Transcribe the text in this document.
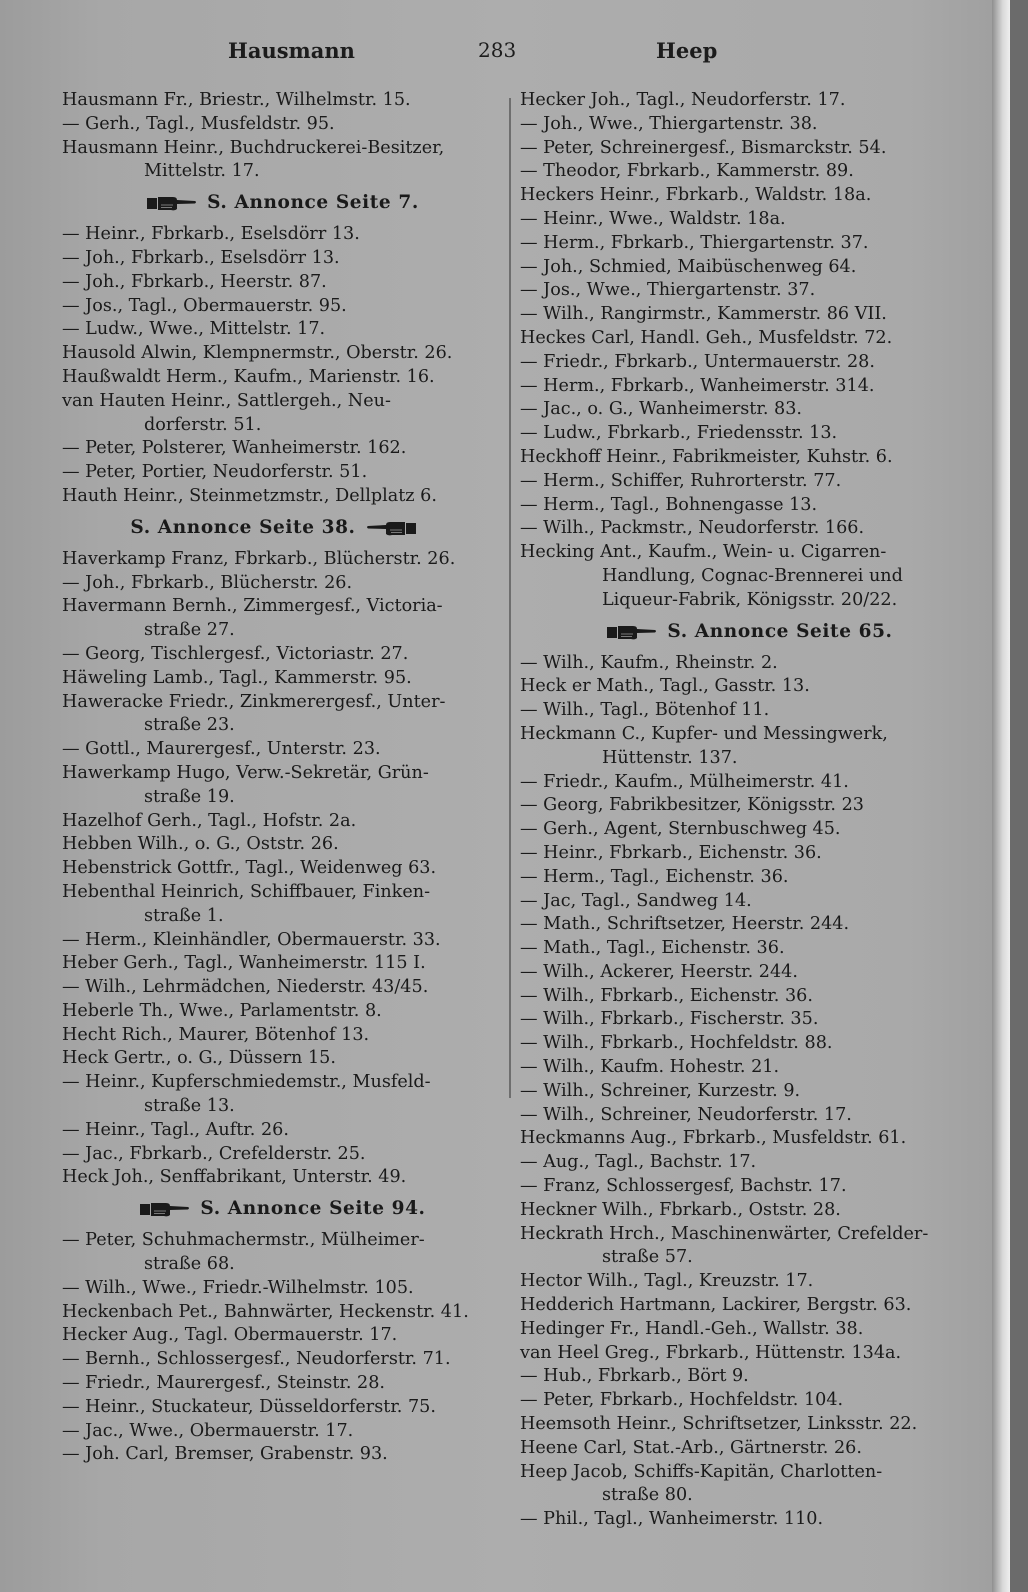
Hausmann	283	Heep
Hausmann Fr., Briestr., Wilhelmstr. 15.
— Gerh., Tagl., Musfeldstr. 95.
Hausmann Heinr., Buchdruckerei-Besitzer,
Mittelstr. 17.
S. Annonce Seite 7.
— Heinr., Fbrkarb., Eselsdörr 13.
— Joh., Fbrkarb., Eselsdörr 13.
— Joh., Fbrkarb., Heerstr. 87.
— Jos., Tagl., Obermauerstr. 95.
— Ludw., Wwe., Mittelstr. 17.
Hausold Alwin, Klempnermstr., Oberstr. 26.
Haußwaldt Herm., Kaufm., Marienstr. 16.
van Hauten Heinr., Sattlergeh., Neu-
dorferstr. 51.
— Peter, Polsterer, Wanheimerstr. 162.
— Peter, Portier, Neudorferstr. 51.
Hauth Heinr., Steinmetzmstr., Dellplatz 6.
S. Annonce Seite 38.
Haverkamp Franz, Fbrkarb., Blücherstr. 26.
— Joh., Fbrkarb., Blücherstr. 26.
Havermann Bernh., Zimmergesf., Victoria-
straße 27.
— Georg, Tischlergesf., Victoriastr. 27.
Häweling Lamb., Tagl., Kammerstr. 95.
Haweracke Friedr., Zinkmerergesf., Unter-
straße 23.
— Gottl., Maurergesf., Unterstr. 23.
Hawerkamp Hugo, Verw.-Sekretär, Grün-
straße 19.
Hazelhof Gerh., Tagl., Hofstr. 2a.
Hebben Wilh., o. G., Oststr. 26.
Hebenstrick Gottfr., Tagl., Weidenweg 63.
Hebenthal Heinrich, Schiffbauer, Finken-
straße 1.
— Herm., Kleinhändler, Obermauerstr. 33.
Heber Gerh., Tagl., Wanheimerstr. 115 I.
— Wilh., Lehrmädchen, Niederstr. 43/45.
Heberle Th., Wwe., Parlamentstr. 8.
Hecht Rich., Maurer, Bötenhof 13.
Heck Gertr., o. G., Düssern 15.
— Heinr., Kupferschmiedemstr., Musfeld-
straße 13.
— Heinr., Tagl., Auftr. 26.
— Jac., Fbrkarb., Crefelderstr. 25.
Heck Joh., Senffabrikant, Unterstr. 49.
S. Annonce Seite 94.
— Peter, Schuhmachermstr., Mülheimer-
straße 68.
— Wilh., Wwe., Friedr.-Wilhelmstr. 105.
Heckenbach Pet., Bahnwärter, Heckenstr. 41.
Hecker Aug., Tagl. Obermauerstr. 17.
— Bernh., Schlossergesf., Neudorferstr. 71.
— Friedr., Maurergesf., Steinstr. 28.
— Heinr., Stuckateur, Düsseldorferstr. 75.
— Jac., Wwe., Obermauerstr. 17.
— Joh. Carl, Bremser, Grabenstr. 93.
Hecker Joh., Tagl., Neudorferstr. 17.
— Joh., Wwe., Thiergartenstr. 38.
— Peter, Schreinergesf., Bismarckstr. 54.
— Theodor, Fbrkarb., Kammerstr. 89.
Heckers Heinr., Fbrkarb., Waldstr. 18a.
— Heinr., Wwe., Waldstr. 18a.
— Herm., Fbrkarb., Thiergartenstr. 37.
— Joh., Schmied, Maibüschenweg 64.
— Jos., Wwe., Thiergartenstr. 37.
— Wilh., Rangirmstr., Kammerstr. 86 VII.
Heckes Carl, Handl. Geh., Musfeldstr. 72.
— Friedr., Fbrkarb., Untermauerstr. 28.
— Herm., Fbrkarb., Wanheimerstr. 314.
— Jac., o. G., Wanheimerstr. 83.
— Ludw., Fbrkarb., Friedensstr. 13.
Heckhoff Heinr., Fabrikmeister, Kuhstr. 6.
— Herm., Schiffer, Ruhrorterstr. 77.
— Herm., Tagl., Bohnengasse 13.
— Wilh., Packmstr., Neudorferstr. 166.
Hecking Ant., Kaufm., Wein- u. Cigarren-
Handlung, Cognac-Brennerei und
Liqueur-Fabrik, Königsstr. 20/22.
S. Annonce Seite 65.
— Wilh., Kaufm., Rheinstr. 2.
Heck er Math., Tagl., Gasstr. 13.
— Wilh., Tagl., Bötenhof 11.
Heckmann C., Kupfer- und Messingwerk,
Hüttenstr. 137.
— Friedr., Kaufm., Mülheimerstr. 41.
— Georg, Fabrikbesitzer, Königsstr. 23
— Gerh., Agent, Sternbuschweg 45.
— Heinr., Fbrkarb., Eichenstr. 36.
— Herm., Tagl., Eichenstr. 36.
— Jac, Tagl., Sandweg 14.
— Math., Schriftsetzer, Heerstr. 244.
— Math., Tagl., Eichenstr. 36.
— Wilh., Ackerer, Heerstr. 244.
— Wilh., Fbrkarb., Eichenstr. 36.
— Wilh., Fbrkarb., Fischerstr. 35.
— Wilh., Fbrkarb., Hochfeldstr. 88.
— Wilh., Kaufm. Hohestr. 21.
— Wilh., Schreiner, Kurzestr. 9.
— Wilh., Schreiner, Neudorferstr. 17.
Heckmanns Aug., Fbrkarb., Musfeldstr. 61.
— Aug., Tagl., Bachstr. 17.
— Franz, Schlossergesf, Bachstr. 17.
Heckner Wilh., Fbrkarb., Oststr. 28.
Heckrath Hrch., Maschinenwärter, Crefelder-
straße 57.
Hector Wilh., Tagl., Kreuzstr. 17.
Hedderich Hartmann, Lackirer, Bergstr. 63.
Hedinger Fr., Handl.-Geh., Wallstr. 38.
van Heel Greg., Fbrkarb., Hüttenstr. 134a.
— Hub., Fbrkarb., Bört 9.
— Peter, Fbrkarb., Hochfeldstr. 104.
Heemsoth Heinr., Schriftsetzer, Linksstr. 22.
Heene Carl, Stat.-Arb., Gärtnerstr. 26.
Heep Jacob, Schiffs-Kapitän, Charlotten-
straße 80.
— Phil., Tagl., Wanheimerstr. 110.
